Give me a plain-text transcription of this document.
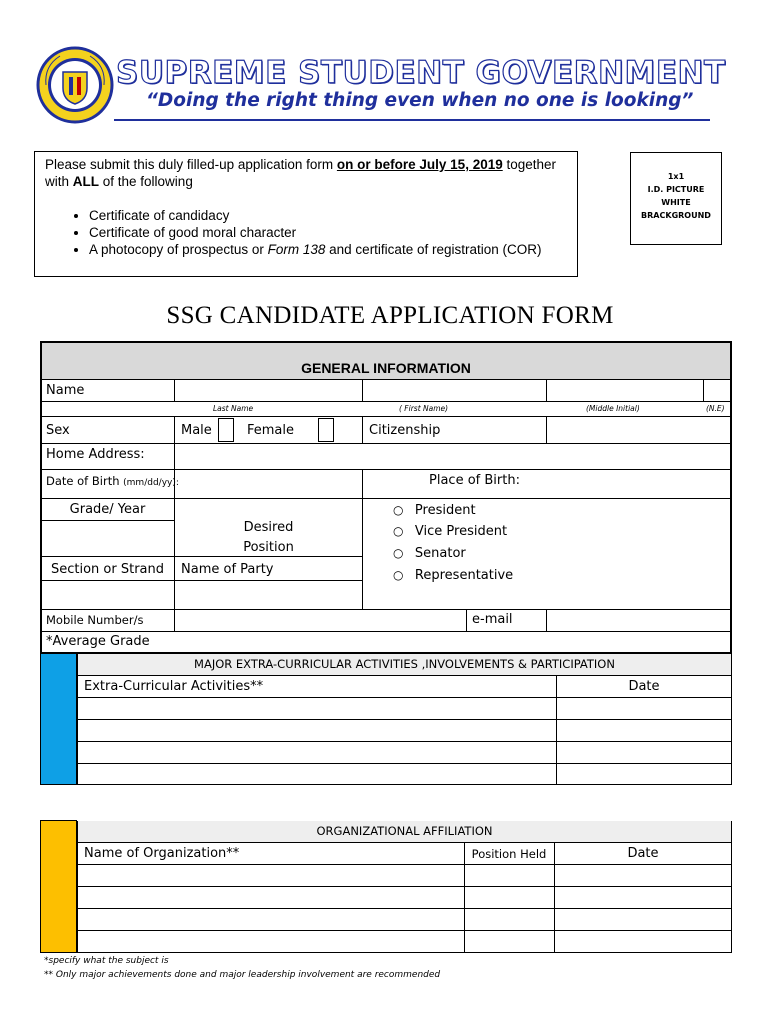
SUPREME STUDENT GOVERNMENT
“Doing the right thing even when no one is looking”
Please submit this duly filled-up application form on or before July 15, 2019 together
with ALL of the following
• Certificate of candidacy
• Certificate of good moral character
• A photocopy of prospectus or Form 138 and certificate of registration (COR)
1x1
I.D. PICTURE
WHITE
BRACKGROUND
SSG CANDIDATE APPLICATION FORM
GENERAL INFORMATION
Name
Last Name	( First Name)	(Middle Initial)	(N.E)
Sex	Male	Female	Citizenship
Home Address:
Date of Birth (mm/dd/yy):	Place of Birth:
Grade/ Year
Desired
Position
Section or Strand	Name of Party
○   President
○   Vice President
○   Senator
○   Representative
Mobile Number/s	e-mail
*Average Grade
MAJOR EXTRA-CURRICULAR ACTIVITIES ,INVOLVEMENTS & PARTICIPATION
Extra-Curricular Activities**	Date
ORGANIZATIONAL AFFILIATION
Name of Organization**	Position Held	Date
*specify what the subject is
** Only major achievements done and major leadership involvement are recommended
